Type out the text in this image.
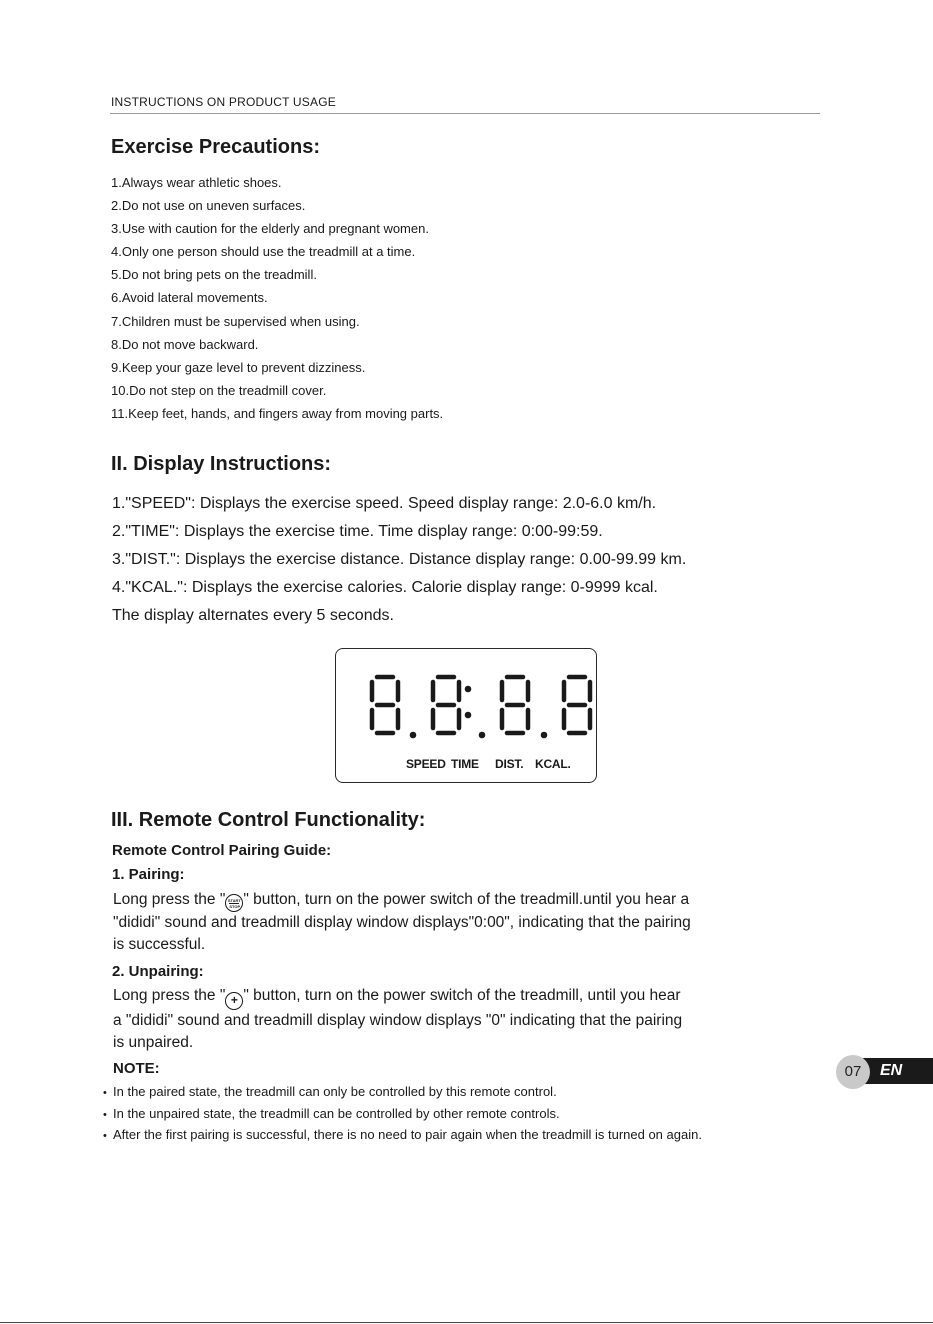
INSTRUCTIONS ON PRODUCT USAGE
Exercise Precautions:
1.Always wear athletic shoes.
2.Do not use on uneven surfaces.
3.Use with caution for the elderly and pregnant women.
4.Only one person should use the treadmill at a time.
5.Do not bring pets on the treadmill.
6.Avoid lateral movements.
7.Children must be supervised when using.
8.Do not move backward.
9.Keep your gaze level to prevent dizziness.
10.Do not step on the treadmill cover.
11.Keep feet, hands, and fingers away from moving parts.
II. Display Instructions:
1."SPEED": Displays the exercise speed. Speed display range: 2.0-6.0 km/h.
2."TIME": Displays the exercise time. Time display range: 0:00-99:59.
3."DIST.": Displays the exercise distance. Distance display range: 0.00-99.99 km.
4."KCAL.": Displays the exercise calories. Calorie display range: 0-9999 kcal.
The display alternates every 5 seconds.
SPEED TIME DIST. KCAL.
III. Remote Control Functionality:
Remote Control Pairing Guide:
1. Pairing:

Long press the " START
STOP " button, turn on the power switch of the treadmill.until you hear a
"dididi" sound and treadmill display window displays"0:00", indicating that the pairing
is successful.

2. Unpairing:

Long press the " + " button, turn on the power switch of the treadmill, until you hear
a "dididi" sound and treadmill display window displays "0" indicating that the pairing
is unpaired.

NOTE:
• In the paired state, the treadmill can only be controlled by this remote control.
• In the unpaired state, the treadmill can be controlled by other remote controls.
• After the first pairing is successful, there is no need to pair again when the treadmill is turned on again.
EN
07
